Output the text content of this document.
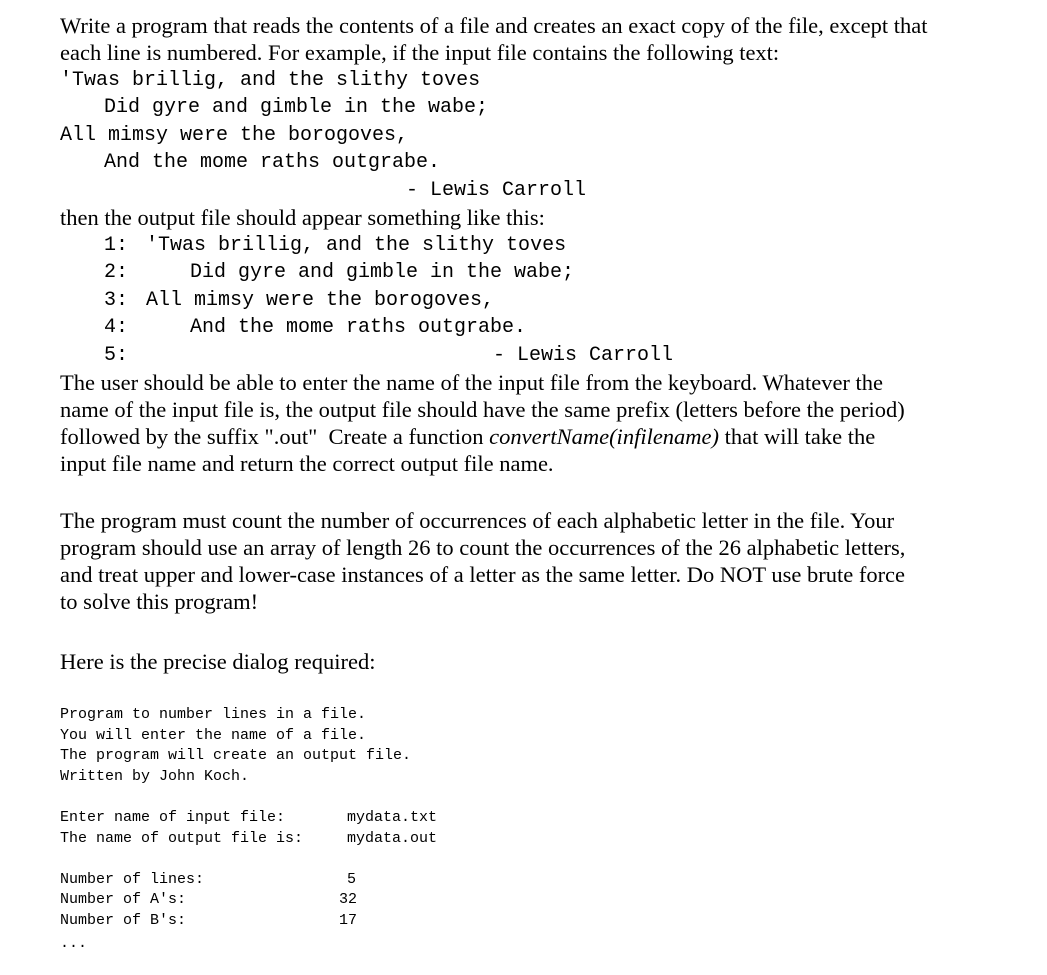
Write a program that reads the contents of a file and creates an exact copy of the file, except that
each line is numbered. For example, if the input file contains the following text:
'Twas brillig, and the slithy toves
Did gyre and gimble in the wabe;
All mimsy were the borogoves,
And the mome raths outgrabe.
- Lewis Carroll
then the output file should appear something like this:
1: 'Twas brillig, and the slithy toves
2:	Did gyre and gimble in the wabe;
3: All mimsy were the borogoves,
4:	And the mome raths outgrabe.
5:	- Lewis Carroll
The user should be able to enter the name of the input file from the keyboard. Whatever the
name of the input file is, the output file should have the same prefix (letters before the period)
followed by the suffix ".out"  Create a function convertName(infilename) that will take the
input file name and return the correct output file name.
The program must count the number of occurrences of each alphabetic letter in the file. Your
program should use an array of length 26 to count the occurrences of the 26 alphabetic letters,
and treat upper and lower-case instances of a letter as the same letter. Do NOT use brute force
to solve this program!
Here is the precise dialog required:
Program to number lines in a file.
You will enter the name of a file.
The program will create an output file.
Written by John Koch.
Enter name of input file:	mydata.txt
The name of output file is:	mydata.out
Number of lines:	5
Number of A's:	32
Number of B's:	17
...
